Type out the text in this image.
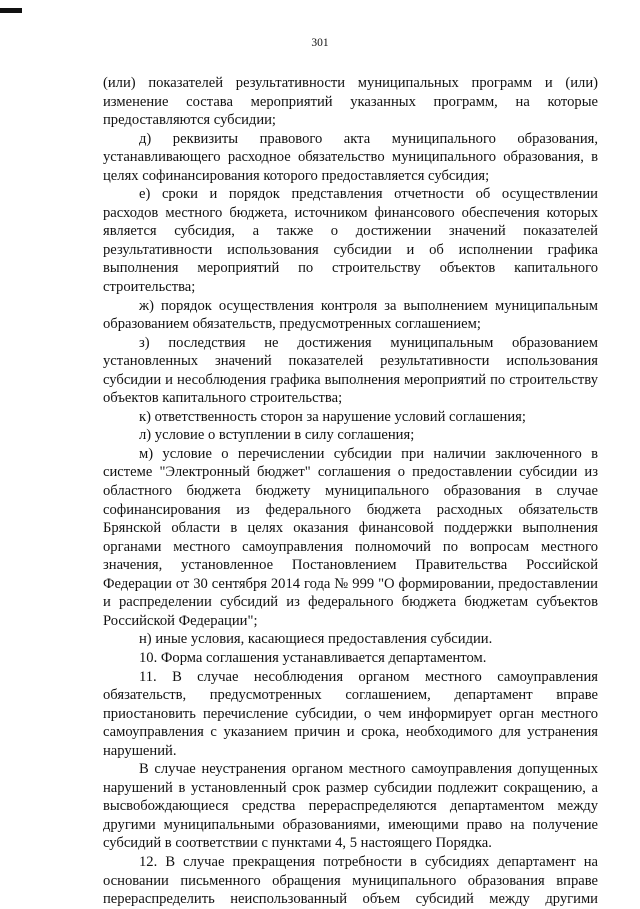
301

(или) показателей результативности муниципальных программ и (или) изменение состава мероприятий указанных программ, на которые предоставляются субсидии;

д) реквизиты правового акта муниципального образования, устанавливающего расходное обязательство муниципального образования, в целях софинансирования которого предоставляется субсидия;

е) сроки и порядок представления отчетности об осуществлении расходов местного бюджета, источником финансового обеспечения которых является субсидия, а также о достижении значений показателей результативности использования субсидии и об исполнении графика выполнения мероприятий по строительству объектов капитального строительства;

ж) порядок осуществления контроля за выполнением муниципальным образованием обязательств, предусмотренных соглашением;

з) последствия не достижения муниципальным образованием установленных значений показателей результативности использования субсидии и несоблюдения графика выполнения мероприятий по строительству объектов капитального строительства;

к) ответственность сторон за нарушение условий соглашения;

л) условие о вступлении в силу соглашения;

м) условие о перечислении субсидии при наличии заключенного в системе "Электронный бюджет" соглашения о предоставлении субсидии из областного бюджета бюджету муниципального образования в случае софинансирования из федерального бюджета расходных обязательств Брянской области в целях оказания финансовой поддержки выполнения органами местного самоуправления полномочий по вопросам местного значения, установленное Постановлением Правительства Российской Федерации от 30 сентября 2014 года № 999 "О формировании, предоставлении и распределении субсидий из федерального бюджета бюджетам субъектов Российской Федерации";

н) иные условия, касающиеся предоставления субсидии.

10. Форма соглашения устанавливается департаментом.

11. В случае несоблюдения органом местного самоуправления обязательств, предусмотренных соглашением, департамент вправе приостановить перечисление субсидии, о чем информирует орган местного самоуправления с указанием причин и срока, необходимого для устранения нарушений.

В случае неустранения органом местного самоуправления допущенных нарушений в установленный срок размер субсидии подлежит сокращению, а высвобождающиеся средства перераспределяются департаментом между другими муниципальными образованиями, имеющими право на получение субсидий в соответствии с пунктами 4, 5 настоящего Порядка.

12. В случае прекращения потребности в субсидиях департамент на основании письменного обращения муниципального образования вправе перераспределить неиспользованный объем субсидий между другими
